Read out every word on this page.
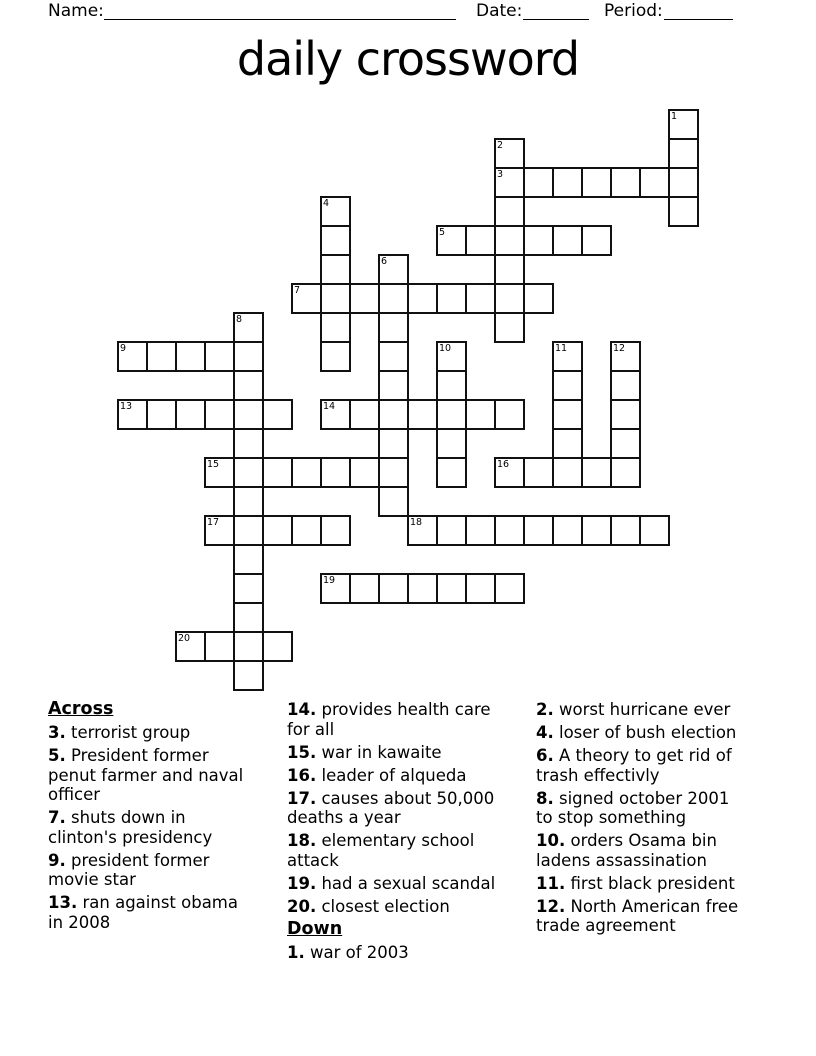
Name:	Date:	Period:
daily crossword
1
2
3
4
5
6
7
8
9	10	11	12
13	14
15	16
17	18
19
20

Across

3. terrorist group

5. President former penut farmer and naval officer

7. shuts down in clinton's presidency

9. president former movie star

13. ran against obama in 2008

14. provides health care for all

15. war in kawaite

16. leader of alqueda

17. causes about 50,000 deaths a year

18. elementary school attack

19. had a sexual scandal

20. closest election

Down

1. war of 2003

2. worst hurricane ever

4. loser of bush election

6. A theory to get rid of trash effectivly

8. signed october 2001 to stop something

10. orders Osama bin ladens assassination

11. first black president

12. North American free trade agreement
